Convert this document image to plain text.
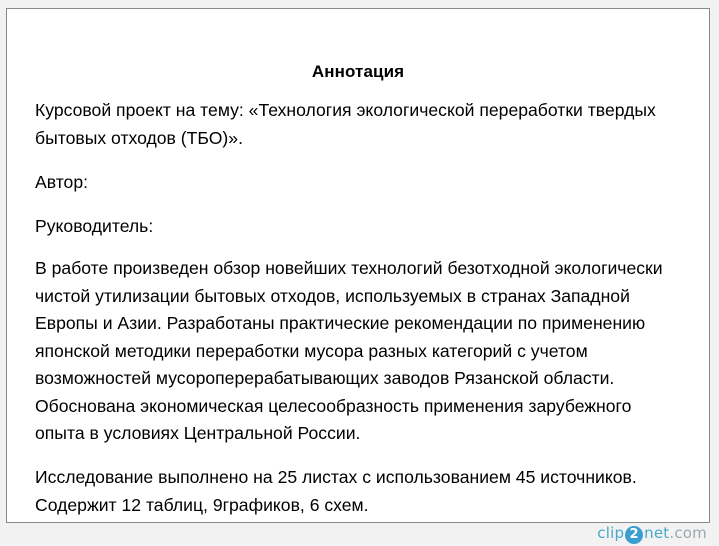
Аннотация
Курсовой проект на тему: «Технология экологической переработки твердых
бытовых отходов (ТБО)».
Автор:
Руководитель:
В работе произведен обзор новейших технологий безотходной экологически
чистой утилизации бытовых отходов, используемых в странах Западной
Европы и Азии. Разработаны практические рекомендации по применению
японской методики переработки мусора разных категорий с учетом
возможностей мусороперерабатывающих заводов Рязанской области.
Обоснована экономическая целесообразность применения зарубежного
опыта в условиях Центральной России.
Исследование выполнено на 25 листах с использованием 45 источников.
Содержит 12 таблиц, 9графиков, 6 схем.
clip 2 net.com
